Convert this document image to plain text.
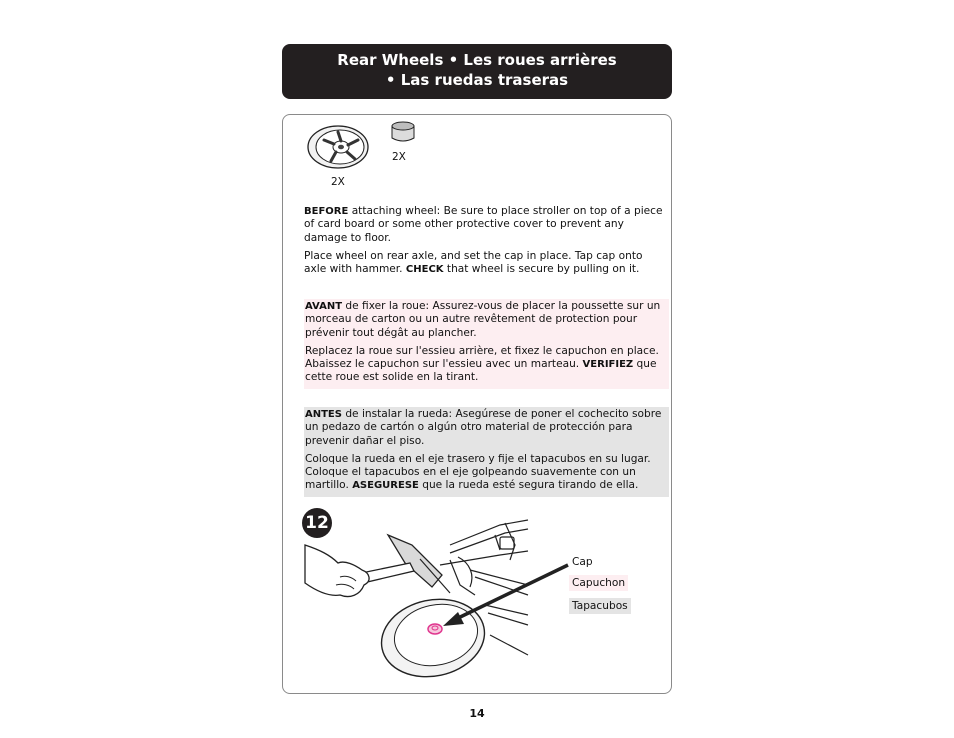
Rear Wheels • Les roues arrières
• Las ruedas traseras
2X
2X

BEFORE attaching wheel: Be sure to place stroller on top of a piece of card board or some other protective cover to prevent any damage to floor.

Place wheel on rear axle, and set the cap in place. Tap cap onto axle with hammer. CHECK that wheel is secure by pulling on it.

AVANT de fixer la roue: Assurez-vous de placer la poussette sur un morceau de carton ou un autre revêtement de protection pour prévenir tout dégât au plancher.

Replacez la roue sur l'essieu arrière, et fixez le capuchon en place. Abaissez le capuchon sur l'essieu avec un marteau. VERIFIEZ que cette roue est solide en la tirant.

ANTES de instalar la rueda: Asegúrese de poner el cochecito sobre un pedazo de cartón o algún otro material de protección para prevenir dañar el piso.

Coloque la rueda en el eje trasero y fije el tapacubos en su lugar. Coloque el tapacubos en el eje golpeando suavemente con un martillo. ASEGURESE que la rueda esté segura tirando de ella.

12
Cap
Capuchon
Tapacubos
14
